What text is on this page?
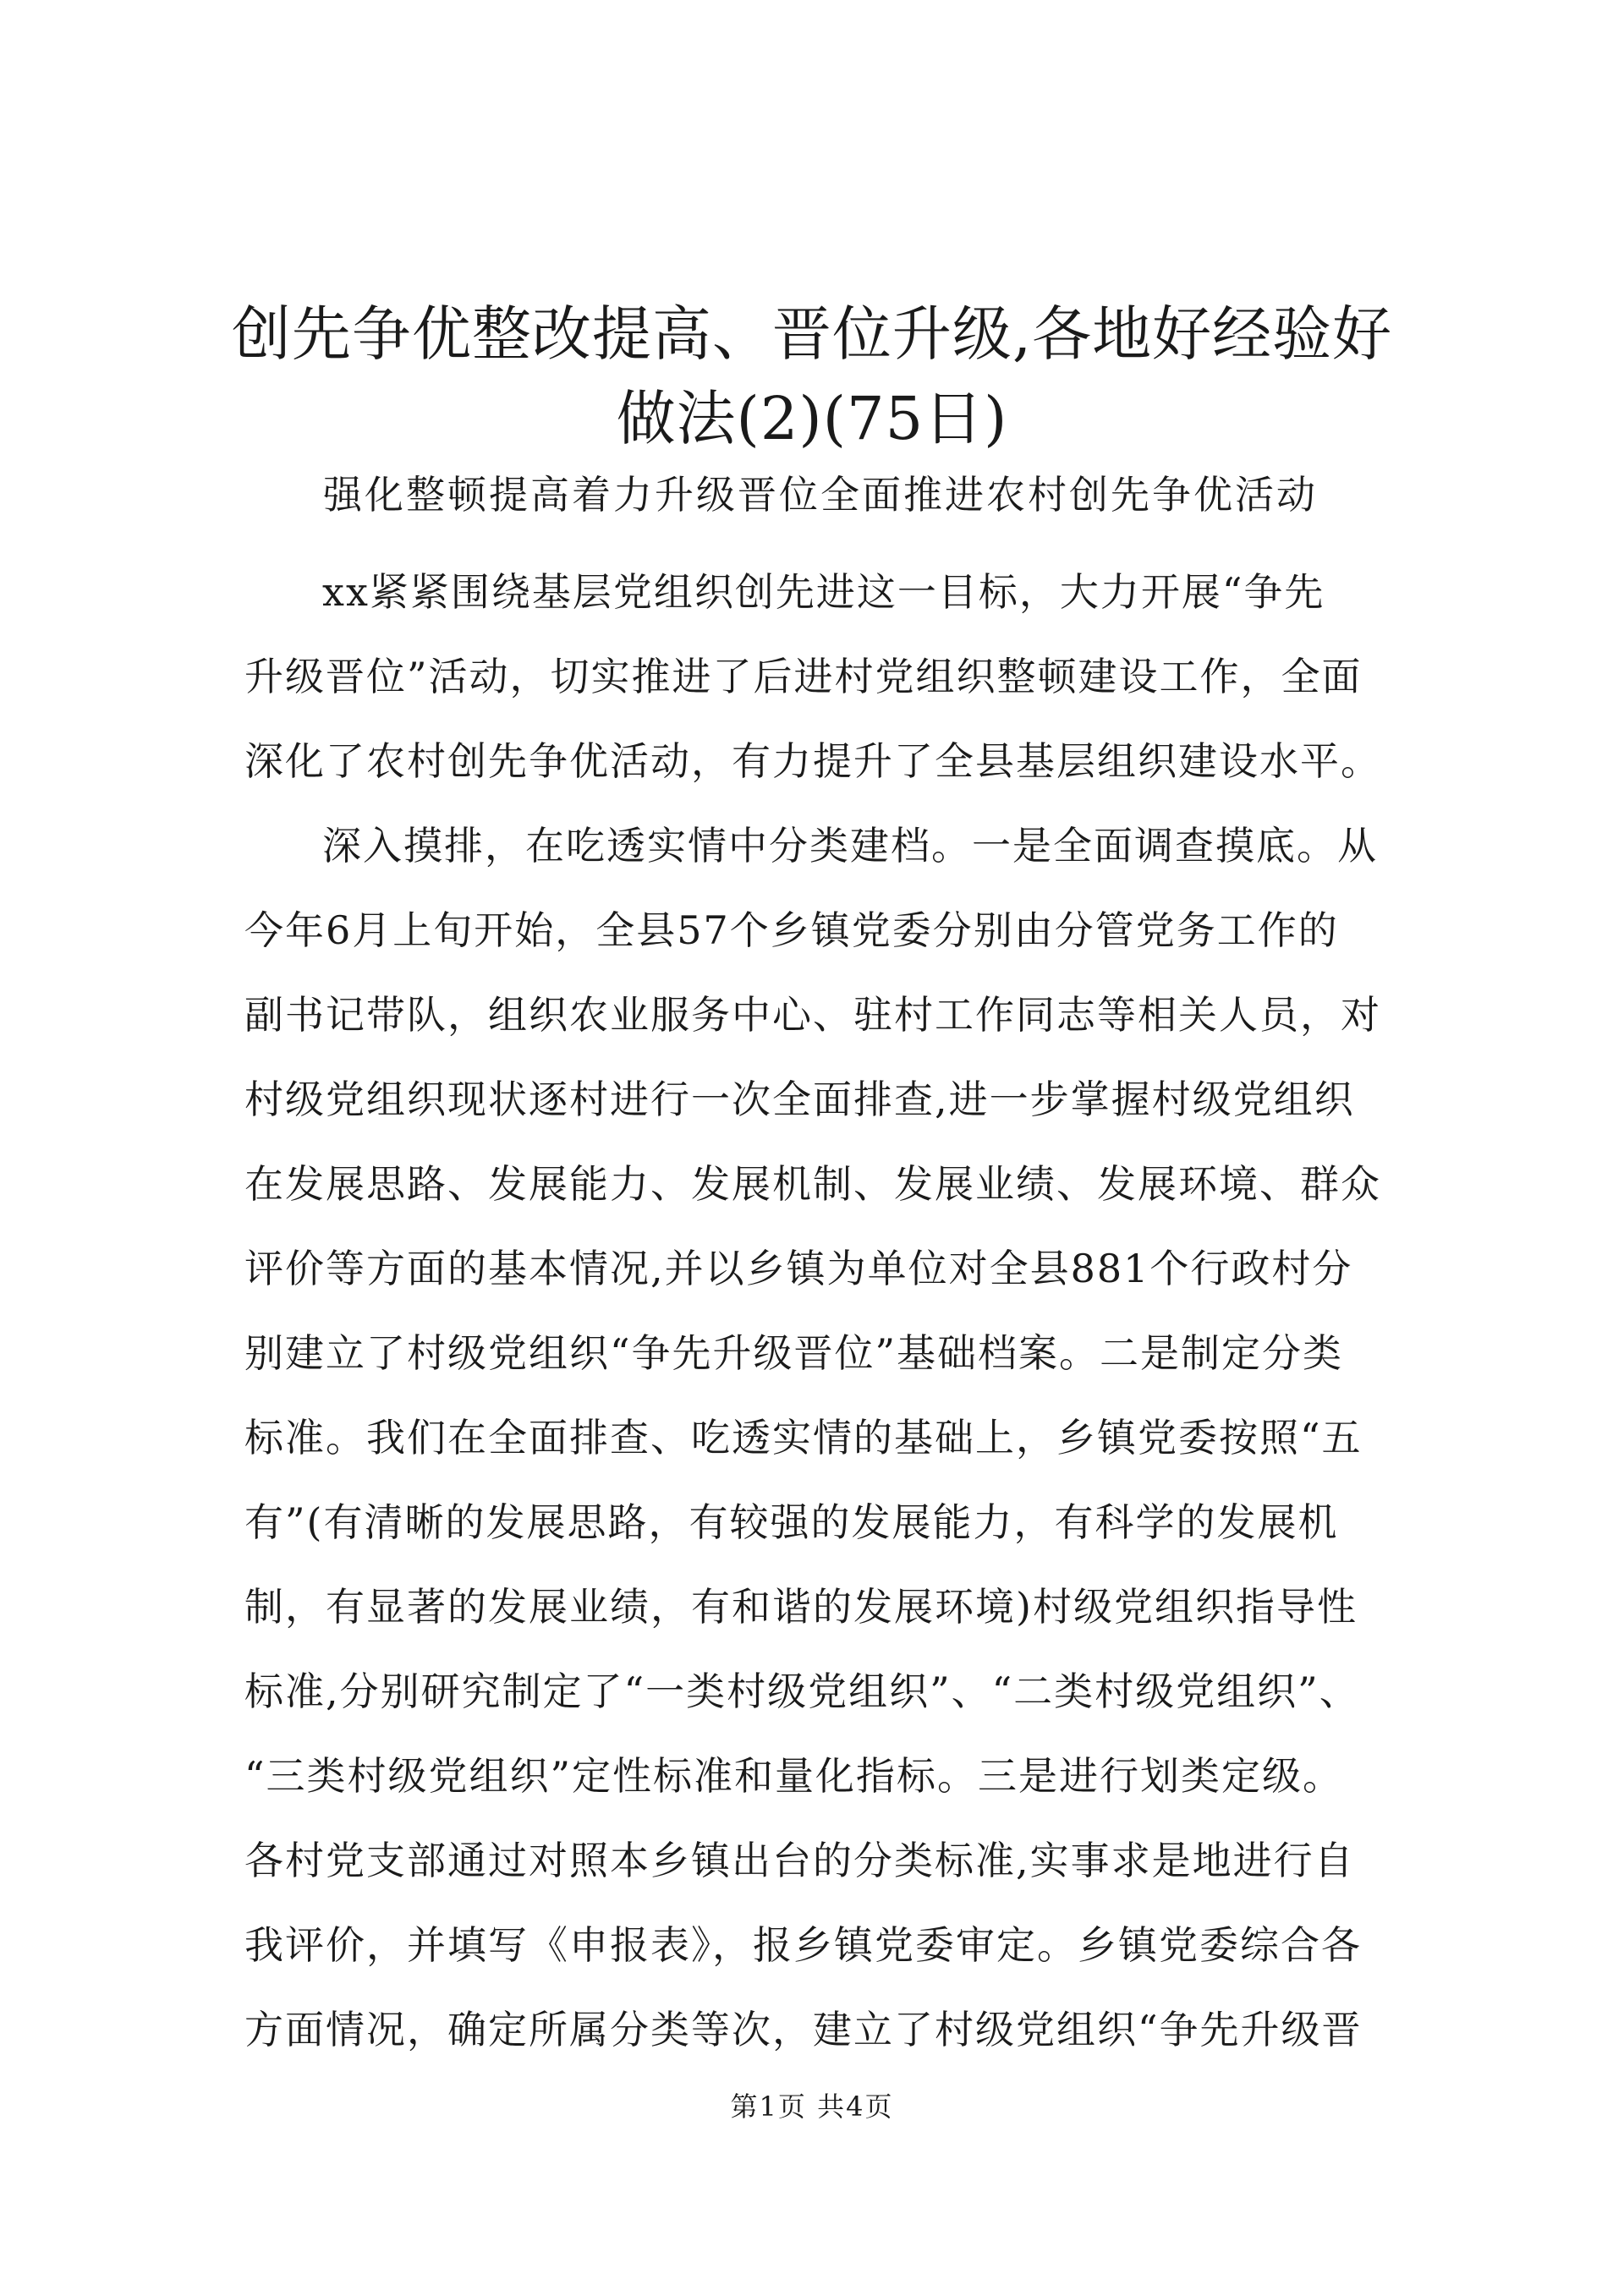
创先争优整改提高、晋位升级,各地好经验好
做法(2)(75日)

强化整顿提高着力升级晋位全面推进农村创先争优活动

xx紧紧围绕基层党组织创先进这一目标，大力开展“争先
升级晋位”活动，切实推进了后进村党组织整顿建设工作，全面
深化了农村创先争优活动，有力提升了全县基层组织建设水平。

深入摸排，在吃透实情中分类建档。一是全面调查摸底。从
今年6月上旬开始，全县57个乡镇党委分别由分管党务工作的
副书记带队，组织农业服务中心、驻村工作同志等相关人员，对
村级党组织现状逐村进行一次全面排查,进一步掌握村级党组织
在发展思路、发展能力、发展机制、发展业绩、发展环境、群众
评价等方面的基本情况,并以乡镇为单位对全县881个行政村分
别建立了村级党组织“争先升级晋位”基础档案。二是制定分类
标准。我们在全面排查、吃透实情的基础上，乡镇党委按照“五
有”(有清晰的发展思路，有较强的发展能力，有科学的发展机
制，有显著的发展业绩，有和谐的发展环境)村级党组织指导性
标准,分别研究制定了“一类村级党组织”、“二类村级党组织”、
“三类村级党组织”定性标准和量化指标。三是进行划类定级。
各村党支部通过对照本乡镇出台的分类标准,实事求是地进行自
我评价，并填写《申报表》，报乡镇党委审定。乡镇党委综合各
方面情况，确定所属分类等次，建立了村级党组织“争先升级晋

第1页 共4页
